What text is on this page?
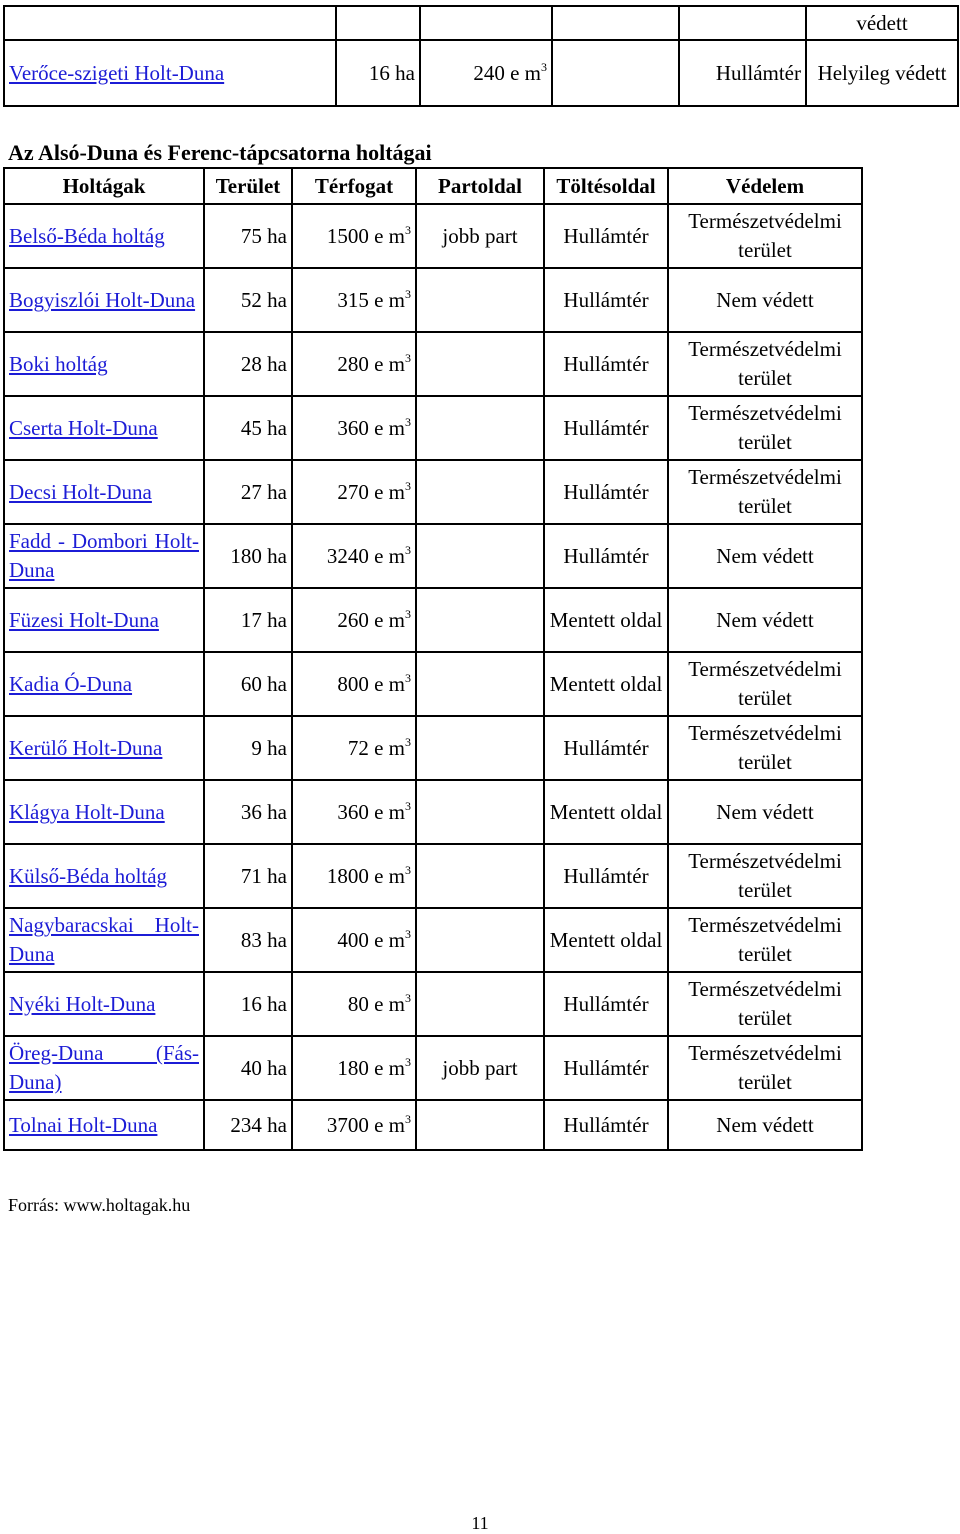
					védett
Verőce-szigeti Holt-Duna	16 ha	240 e $m^3$		Hullámtér	Helyileg védett
Az Alsó-Duna és Ferenc-tápcsatorna holtágai
Holtágak	Terület	Térfogat	Partoldal	Töltésoldal	Védelem
Belső-Béda holtág	75 ha	1500 e $m^3$	jobb part	Hullámtér	Természetvédelmi terület
Bogyiszlói Holt-Duna	52 ha	315 e $m^3$		Hullámtér	Nem védett
Boki holtág	28 ha	280 e $m^3$		Hullámtér	Természetvédelmi terület
Cserta Holt-Duna	45 ha	360 e $m^3$		Hullámtér	Természetvédelmi terület
Decsi Holt-Duna	27 ha	270 e $m^3$		Hullámtér	Természetvédelmi terület
Fadd - Dombori Holt-Duna	180 ha	3240 e $m^3$		Hullámtér	Nem védett
Füzesi Holt-Duna	17 ha	260 e $m^3$		Mentett oldal	Nem védett
Kadia Ó-Duna	60 ha	800 e $m^3$		Mentett oldal	Természetvédelmi terület
Kerülő Holt-Duna	9 ha	72 e $m^3$		Hullámtér	Természetvédelmi terület
Klágya Holt-Duna	36 ha	360 e $m^3$		Mentett oldal	Nem védett
Külső-Béda holtág	71 ha	1800 e $m^3$		Hullámtér	Természetvédelmi terület
Nagybaracskai Holt-Duna	83 ha	400 e $m^3$		Mentett oldal	Természetvédelmi terület
Nyéki Holt-Duna	16 ha	80 e $m^3$		Hullámtér	Természetvédelmi terület
Öreg-Duna (Fás-Duna)	40 ha	180 e $m^3$	jobb part	Hullámtér	Természetvédelmi terület
Tolnai Holt-Duna	234 ha	3700 e $m^3$		Hullámtér	Nem védett
Forrás: www.holtagak.hu
11
